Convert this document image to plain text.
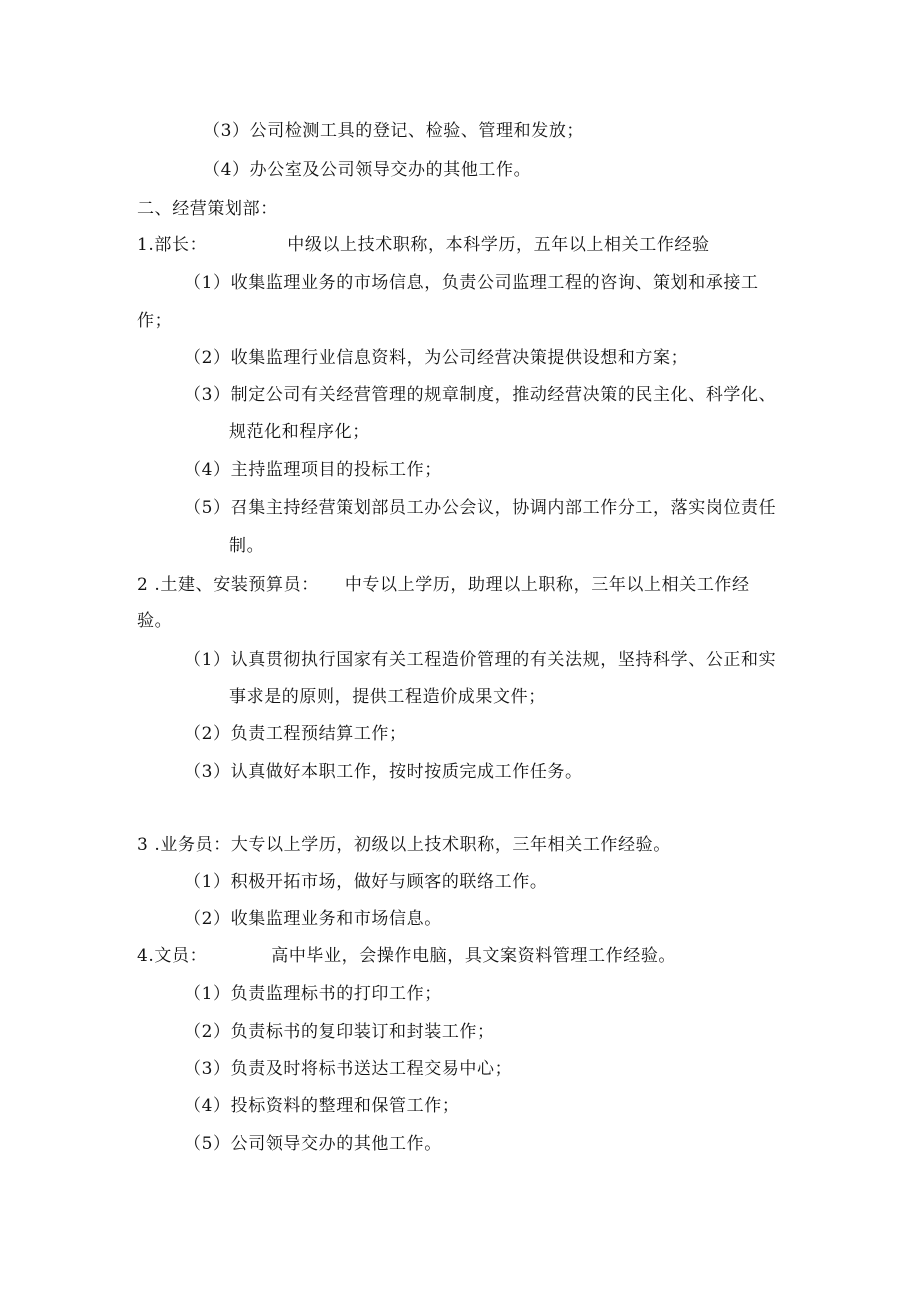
（3）公司检测工具的登记、检验、管理和发放；

（4）办公室及公司领导交办的其他工作。

二、经营策划部：

1.部长：	中级以上技术职称，本科学历，五年以上相关工作经验

（1）收集监理业务的市场信息，负责公司监理工程的咨询、策划和承接工

作；

（2）收集监理行业信息资料，为公司经营决策提供设想和方案；

（3）制定公司有关经营管理的规章制度，推动经营决策的民主化、科学化、

规范化和程序化；

（4）主持监理项目的投标工作；

（5）召集主持经营策划部员工办公会议，协调内部工作分工，落实岗位责任

制。

2 .土建、安装预算员： 中专以上学历，助理以上职称，三年以上相关工作经

验。

（1）认真贯彻执行国家有关工程造价管理的有关法规，坚持科学、公正和实

事求是的原则，提供工程造价成果文件；

（2）负责工程预结算工作；

（3）认真做好本职工作，按时按质完成工作任务。

3 .业务员：大专以上学历，初级以上技术职称，三年相关工作经验。

（1）积极开拓市场，做好与顾客的联络工作。

（2）收集监理业务和市场信息。

4.文员：	高中毕业，会操作电脑，具文案资料管理工作经验。

（1）负责监理标书的打印工作；

（2）负责标书的复印装订和封装工作；

（3）负责及时将标书送达工程交易中心；

（4）投标资料的整理和保管工作；

（5）公司领导交办的其他工作。
